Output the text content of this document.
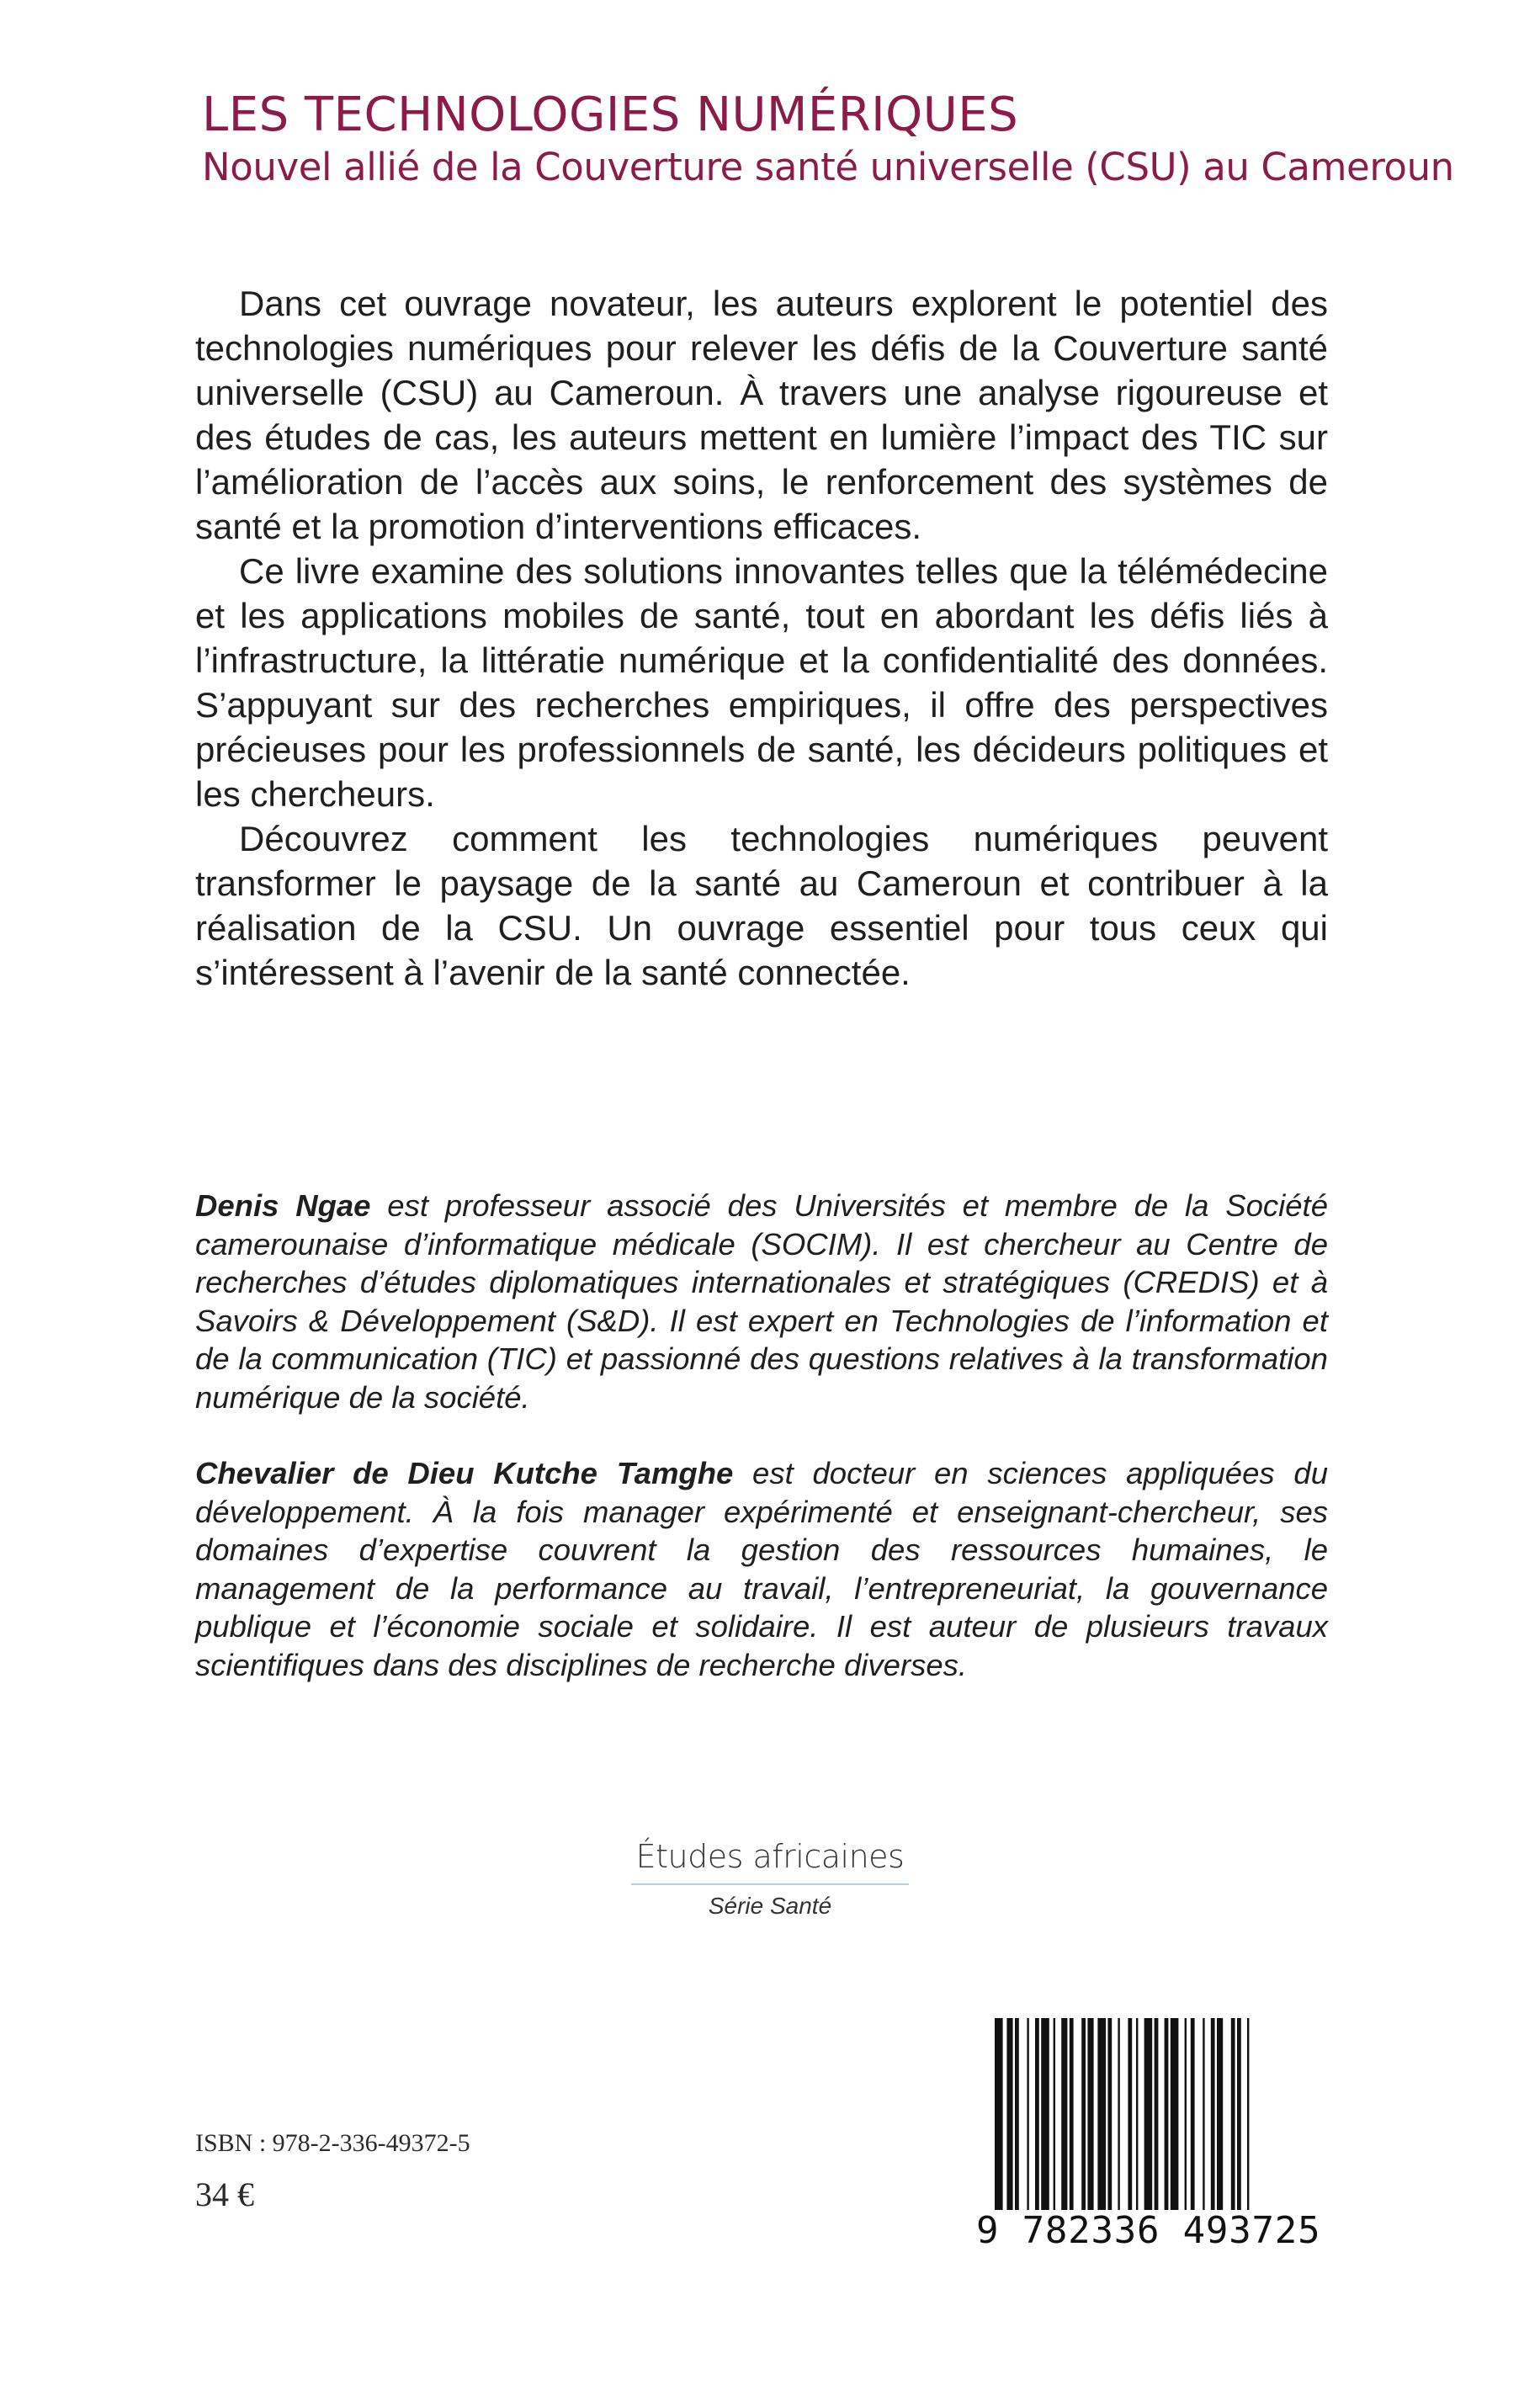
LES TECHNOLOGIES NUMÉRIQUES
Nouvel allié de la Couverture santé universelle (CSU) au Cameroun

Dans cet ouvrage novateur, les auteurs explorent le potentiel des technologies numériques pour relever les défis de la Couverture santé universelle (CSU) au Cameroun. À travers une analyse rigoureuse et des études de cas, les auteurs mettent en lumière l’impact des TIC sur l’amélioration de l’accès aux soins, le renforcement des systèmes de santé et la promotion d’interventions efficaces.

Ce livre examine des solutions innovantes telles que la télémédecine et les applications mobiles de santé, tout en abordant les défis liés à l’infrastructure, la littératie numérique et la confidentialité des données. S’appuyant sur des recherches empiriques, il offre des perspectives précieuses pour les professionnels de santé, les décideurs politiques et les chercheurs.

Découvrez comment les technologies numériques peuvent transformer le paysage de la santé au Cameroun et contribuer à la réalisation de la CSU. Un ouvrage essentiel pour tous ceux qui s’intéressent à l’avenir de la santé connectée.

Denis Ngae est professeur associé des Universités et membre de la Société camerounaise d’informatique médicale (SOCIM). Il est chercheur au Centre de recherches d’études diplomatiques internationales et stratégiques (CREDIS) et à Savoirs & Développement (S&D). Il est expert en Technologies de l’information et de la communication (TIC) et passionné des questions relatives à la transformation numérique de la société.

Chevalier de Dieu Kutche Tamghe est docteur en sciences appliquées du développement. À la fois manager expérimenté et enseignant-chercheur, ses domaines d’expertise couvrent la gestion des ressources humaines, le management de la performance au travail, l’entrepreneuriat, la gouvernance publique et l’économie sociale et solidaire. Il est auteur de plusieurs travaux scientifiques dans des disciplines de recherche diverses.

Études africaines
Série Santé
ISBN : 978-2-336-49372-5
34 €
9 782336 493725
